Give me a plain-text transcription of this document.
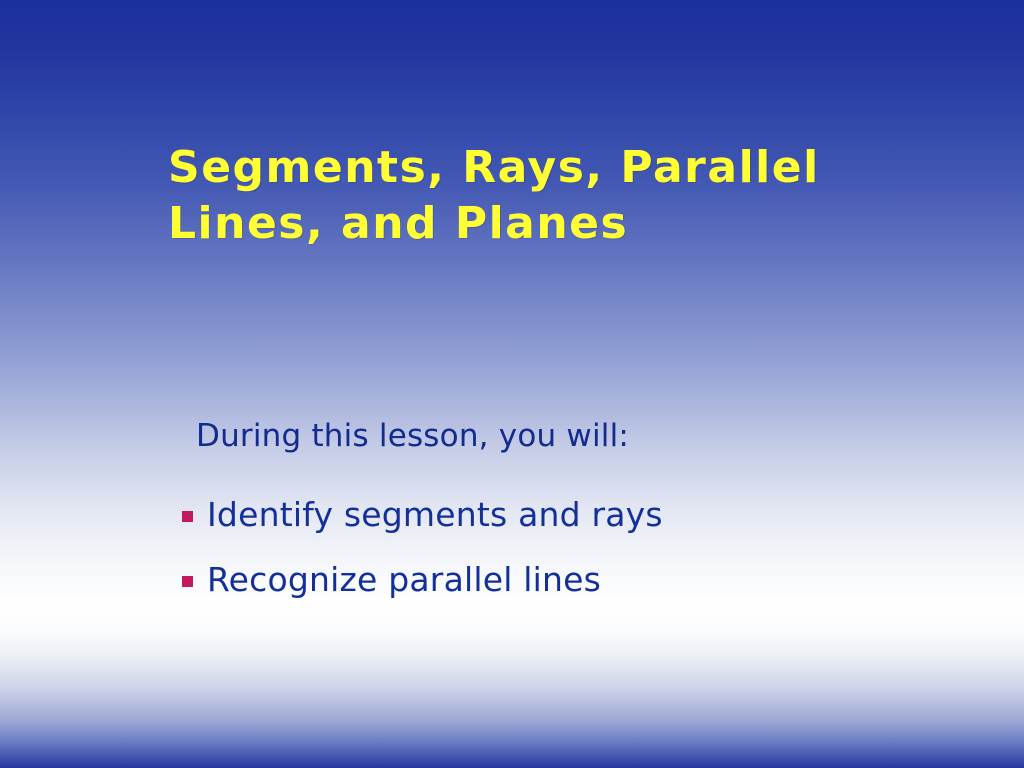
Segments, Rays, Parallel Lines, and Planes
During this lesson, you will:
Identify segments and rays
Recognize parallel lines
